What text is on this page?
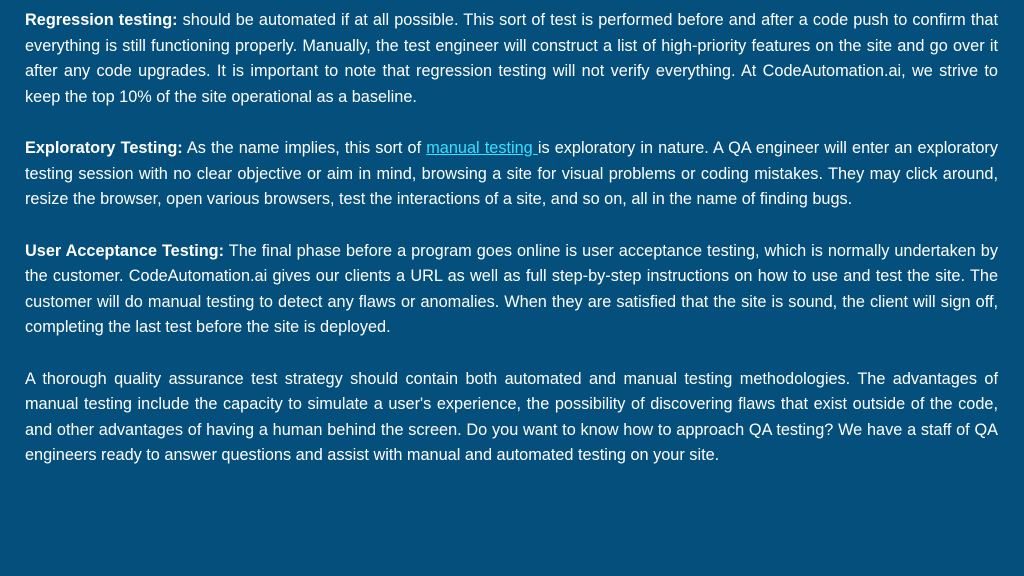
Regression testing: should be automated if at all possible. This sort of test is performed before and after a code push to confirm that everything is still functioning properly. Manually, the test engineer will construct a list of high-priority features on the site and go over it after any code upgrades. It is important to note that regression testing will not verify everything. At CodeAutomation.ai, we strive to keep the top 10% of the site operational as a baseline.

Exploratory Testing: As the name implies, this sort of manual testing is exploratory in nature. A QA engineer will enter an exploratory testing session with no clear objective or aim in mind, browsing a site for visual problems or coding mistakes. They may click around, resize the browser, open various browsers, test the interactions of a site, and so on, all in the name of finding bugs.

User Acceptance Testing: The final phase before a program goes online is user acceptance testing, which is normally undertaken by the customer. CodeAutomation.ai gives our clients a URL as well as full step-by-step instructions on how to use and test the site. The customer will do manual testing to detect any flaws or anomalies. When they are satisfied that the site is sound, the client will sign off, completing the last test before the site is deployed.

A thorough quality assurance test strategy should contain both automated and manual testing methodologies. The advantages of manual testing include the capacity to simulate a user's experience, the possibility of discovering flaws that exist outside of the code, and other advantages of having a human behind the screen. Do you want to know how to approach QA testing? We have a staff of QA engineers ready to answer questions and assist with manual and automated testing on your site.
